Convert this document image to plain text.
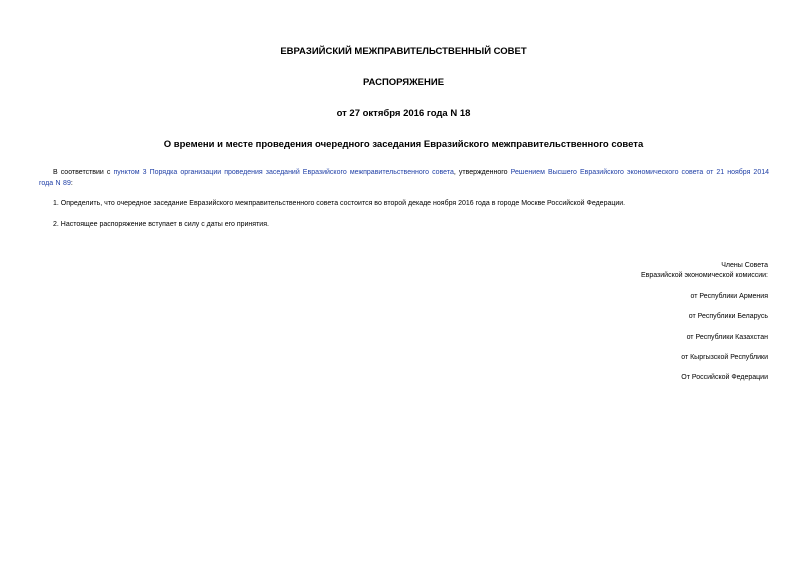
ЕВРАЗИЙСКИЙ МЕЖПРАВИТЕЛЬСТВЕННЫЙ СОВЕТ
РАСПОРЯЖЕНИЕ
от 27 октября 2016 года N 18
О времени и месте проведения очередного заседания Евразийского межправительственного совета
В соответствии с пунктом 3 Порядка организации проведения заседаний Евразийского межправительственного совета, утвержденного Решением Высшего Евразийского экономического совета от 21 ноября 2014 года N 89:
1. Определить, что очередное заседание Евразийского межправительственного совета состоится во второй декаде ноября 2016 года в городе Москве Российской Федерации.
2. Настоящее распоряжение вступает в силу с даты его принятия.
Члены Совета
Евразийской экономической комиссии:
от Республики Армения
от Республики Беларусь
от Республики Казахстан
от Кыргызской Республики
От Российской Федерации
